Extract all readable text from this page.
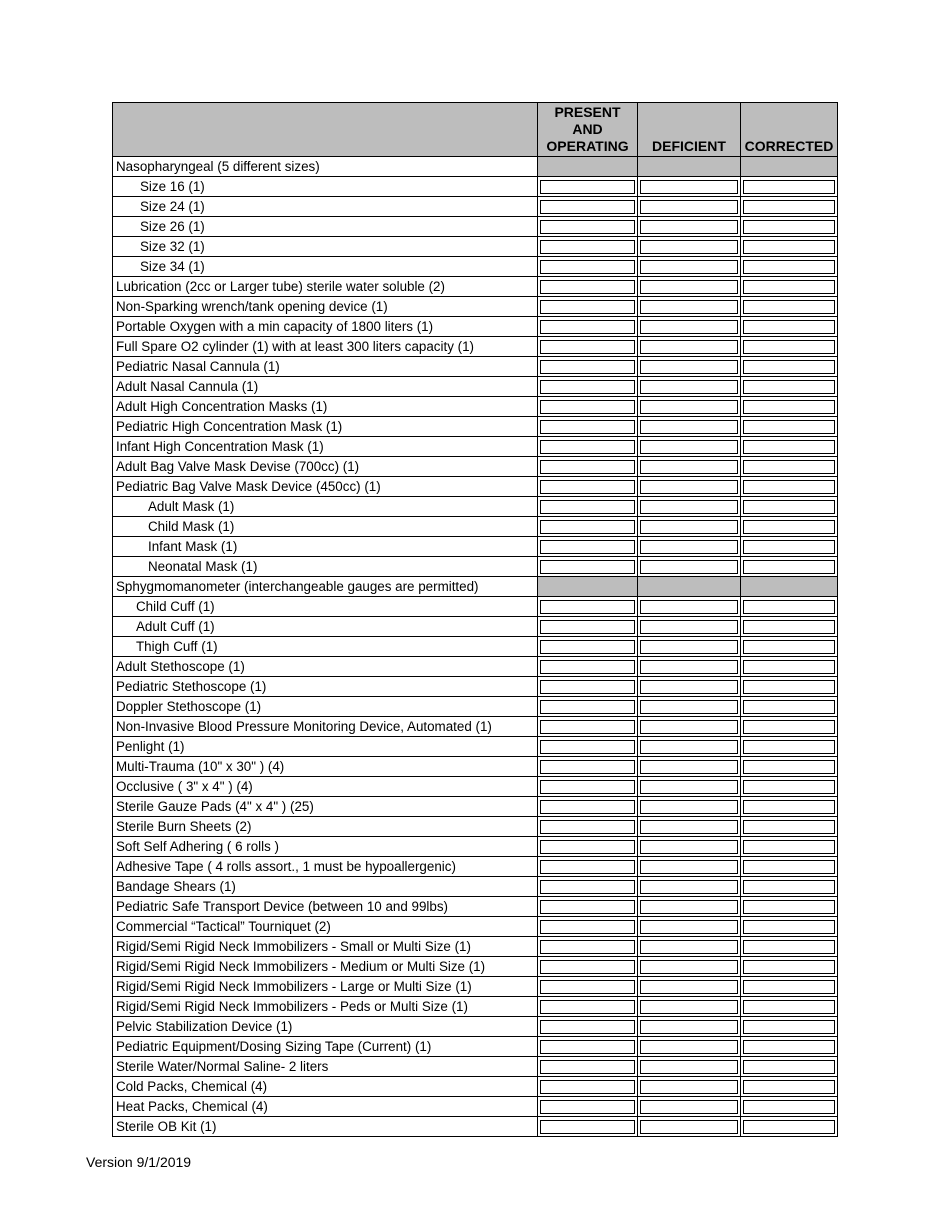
	PRESENT AND OPERATING	DEFICIENT	CORRECTED
Nasopharyngeal (5 different sizes)			
Size 16 (1)	

Size 24 (1)	

Size 26 (1)	

Size 32 (1)	

Size 34 (1)	

Lubrication (2cc or Larger tube) sterile water soluble (2)	

Non-Sparking wrench/tank opening device (1)	

Portable Oxygen with a min capacity of 1800 liters (1)	

Full Spare O2 cylinder (1) with at least 300 liters capacity (1)	

Pediatric Nasal Cannula (1)	

Adult Nasal Cannula (1)	

Adult High Concentration Masks (1)	

Pediatric High Concentration Mask (1)	

Infant High Concentration Mask (1)	

Adult Bag Valve Mask Devise (700cc) (1)	

Pediatric Bag Valve Mask Device (450cc) (1)	

Adult Mask (1)	

Child Mask (1)	

Infant Mask (1)	

Neonatal Mask (1)	

Sphygmomanometer (interchangeable gauges are permitted)			
Child Cuff (1)	

Adult Cuff (1)	

Thigh Cuff (1)	

Adult Stethoscope (1)	

Pediatric Stethoscope (1)	

Doppler Stethoscope (1)	

Non-Invasive Blood Pressure Monitoring Device, Automated (1)	

Penlight (1)	

Multi-Trauma (10" x 30" ) (4)	

Occlusive ( 3" x 4" ) (4)	

Sterile Gauze Pads (4" x 4" ) (25)	

Sterile Burn Sheets (2)	

Soft Self Adhering ( 6 rolls )	

Adhesive Tape ( 4 rolls assort., 1 must be hypoallergenic)	

Bandage Shears (1)	

Pediatric Safe Transport Device (between 10 and 99lbs)	

Commercial “Tactical” Tourniquet (2)	

Rigid/Semi Rigid Neck Immobilizers - Small or Multi Size (1)	

Rigid/Semi Rigid Neck Immobilizers - Medium or Multi Size (1)	

Rigid/Semi Rigid Neck Immobilizers - Large or Multi Size (1)	

Rigid/Semi Rigid Neck Immobilizers - Peds or Multi Size (1)	

Pelvic Stabilization Device (1)	

Pediatric Equipment/Dosing Sizing Tape (Current) (1)	

Sterile Water/Normal Saline- 2 liters	

Cold Packs, Chemical (4)	

Heat Packs, Chemical (4)	

Sterile OB Kit (1)	

Version 9/1/2019
